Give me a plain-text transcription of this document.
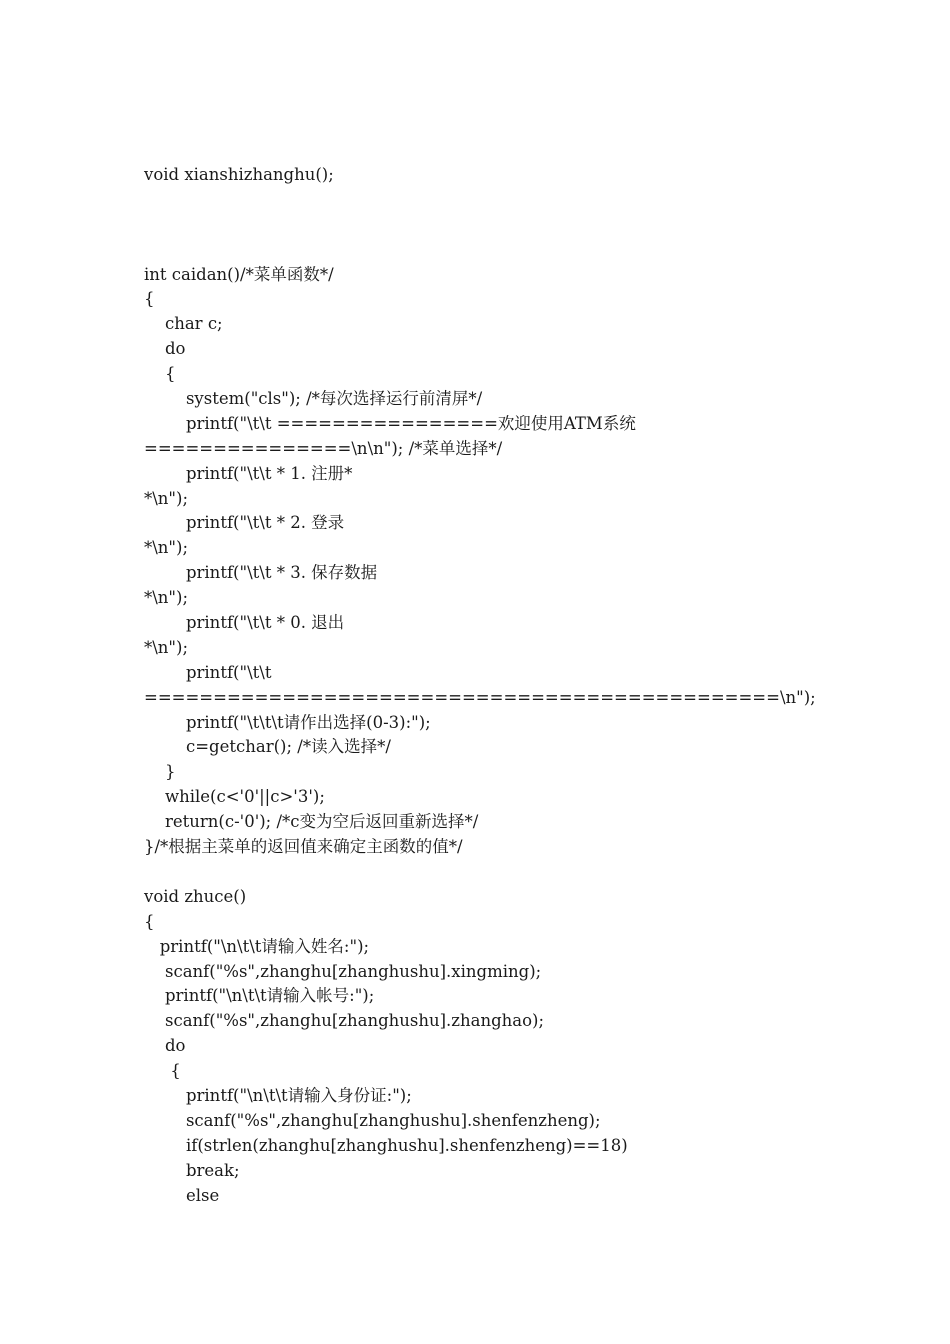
void xianshizhanghu();
int caidan()/*菜单函数*/
{
char c;
do
{
system("cls"); /*每次选择运行前清屏*/
printf("\t\t ================欢迎使用ATM系统
===============\n\n"); /*菜单选择*/
printf("\t\t * 1. 注册*
*\n");
printf("\t\t * 2. 登录
*\n");
printf("\t\t * 3. 保存数据
*\n");
printf("\t\t * 0. 退出
*\n");
printf("\t\t
==============================================\n");
printf("\t\t\t请作出选择(0-3):");
c=getchar(); /*读入选择*/
}
while(c<'0'||c>'3');
return(c-'0'); /*c变为空后返回重新选择*/
}/*根据主菜单的返回值来确定主函数的值*/
void zhuce()
{
printf("\n\t\t请输入姓名:");
scanf("%s",zhanghu[zhanghushu].xingming);
printf("\n\t\t请输入帐号:");
scanf("%s",zhanghu[zhanghushu].zhanghao);
do
{
printf("\n\t\t请输入身份证:");
scanf("%s",zhanghu[zhanghushu].shenfenzheng);
if(strlen(zhanghu[zhanghushu].shenfenzheng)==18)
break;
else
